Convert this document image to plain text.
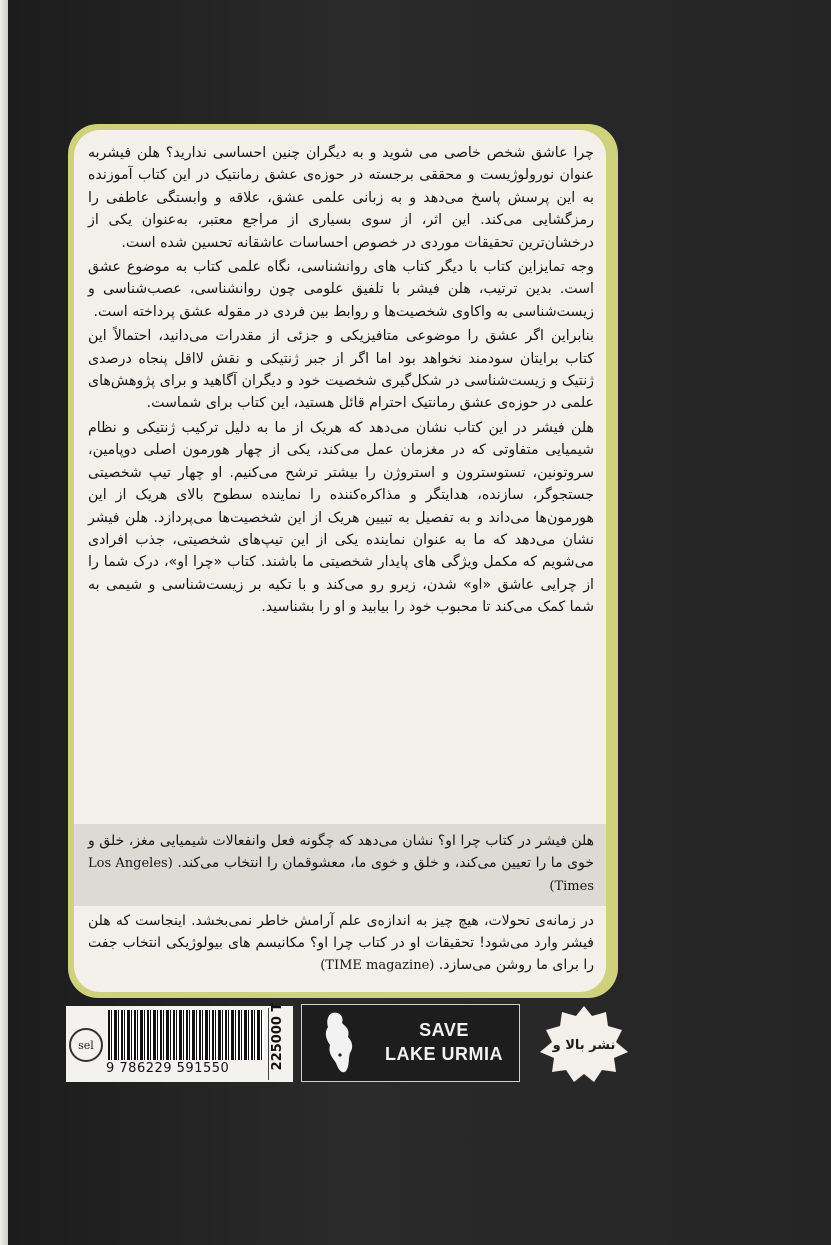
چرا عاشق شخص خاصی می شوید و به دیگران چنین احساسی ندارید؟ هلن فیشربه عنوان نورولوژیست و محققی برجسته در حوزه‌ی عشق رمانتیک در این کتاب آموزنده به این پرسش پاسخ می‌دهد و به زبانی علمی عشق، علاقه و وابستگی عاطفی را رمزگشایی می‌کند. این اثر، از سوی بسیاری از مراجع معتبر، به‌عنوان یکی از درخشان‌ترین تحقیقات موردی در خصوص احساسات عاشقانه تحسین شده است.

وجه تمایزاین کتاب با دیگر کتاب های روانشناسی، نگاه علمی کتاب به موضوع عشق است. بدین ترتیب، هلن فیشر با تلفیق علومی چون روانشناسی، عصب‌شناسی و زیست‌شناسی به واکاوی شخصیت‌ها و روابط بین فردی در مقوله عشق پرداخته است.

بنابراین اگر عشق را موضوعی متافیزیکی و جزئی از مقدرات می‌دانید، احتمالاً این کتاب برایتان سودمند نخواهد بود اما اگر از جبر ژنتیکی و نقش لااقل پنجاه درصدی ژنتیک و زیست‌شناسی در شکل‌گیری شخصیت خود و دیگران آگاهید و برای پژوهش‌های علمی در حوزه‌ی عشق رمانتیک احترام قائل هستید، این کتاب برای شماست.

هلن فیشر در این کتاب نشان می‌دهد که هریک از ما به دلیل ترکیب ژنتیکی و نظام شیمیایی متفاوتی که در مغزمان عمل می‌کند، یکی از چهار هورمون اصلی دوپامین، سروتونین، تستوسترون و استروژن را بیشتر ترشح می‌کنیم. او چهار تیپ شخصیتی جستجوگر، سازنده، هدایتگر و مذاکره‌کننده را نماینده سطوح بالای هریک از این هورمون‌ها می‌داند و به تفصیل به تبیین هریک از این شخصیت‌ها می‌پردازد. هلن فیشر نشان می‌دهد که ما به عنوان نماینده یکی از این تیپ‌های شخصیتی، جذب افرادی می‌شویم که مکمل ویژگی های پایدار شخصیتی ما باشند. کتاب «چرا او»، درک شما را از چرایی عاشق «او» شدن، زیرو رو می‌کند و با تکیه بر زیست‌شناسی و شیمی به شما کمک می‌کند تا محبوب خود را بیابید و او را بشناسید.

هلن فیشر در کتاب چرا او؟ نشان می‌دهد که چگونه فعل وانفعالات شیمیایی مغز، خلق و خوی ما را تعیین می‌کند، و خلق و خوی ما، معشوقمان را انتخاب می‌کند. (Los Angeles Times)
در زمانه‌ی تحولات، هیچ چیز به اندازه‌ی علم آرامش خاطر نمی‌بخشد. اینجاست که هلن فیشر وارد می‌شود! تحقیقات او در کتاب چرا او؟ مکانیسم های بیولوژیکی انتخاب جفت را برای ما روشن می‌سازد. (TIME magazine)
sel
9 786229 591550	225000 T	SAVE
LAKE URMIA	نشر بالا و
